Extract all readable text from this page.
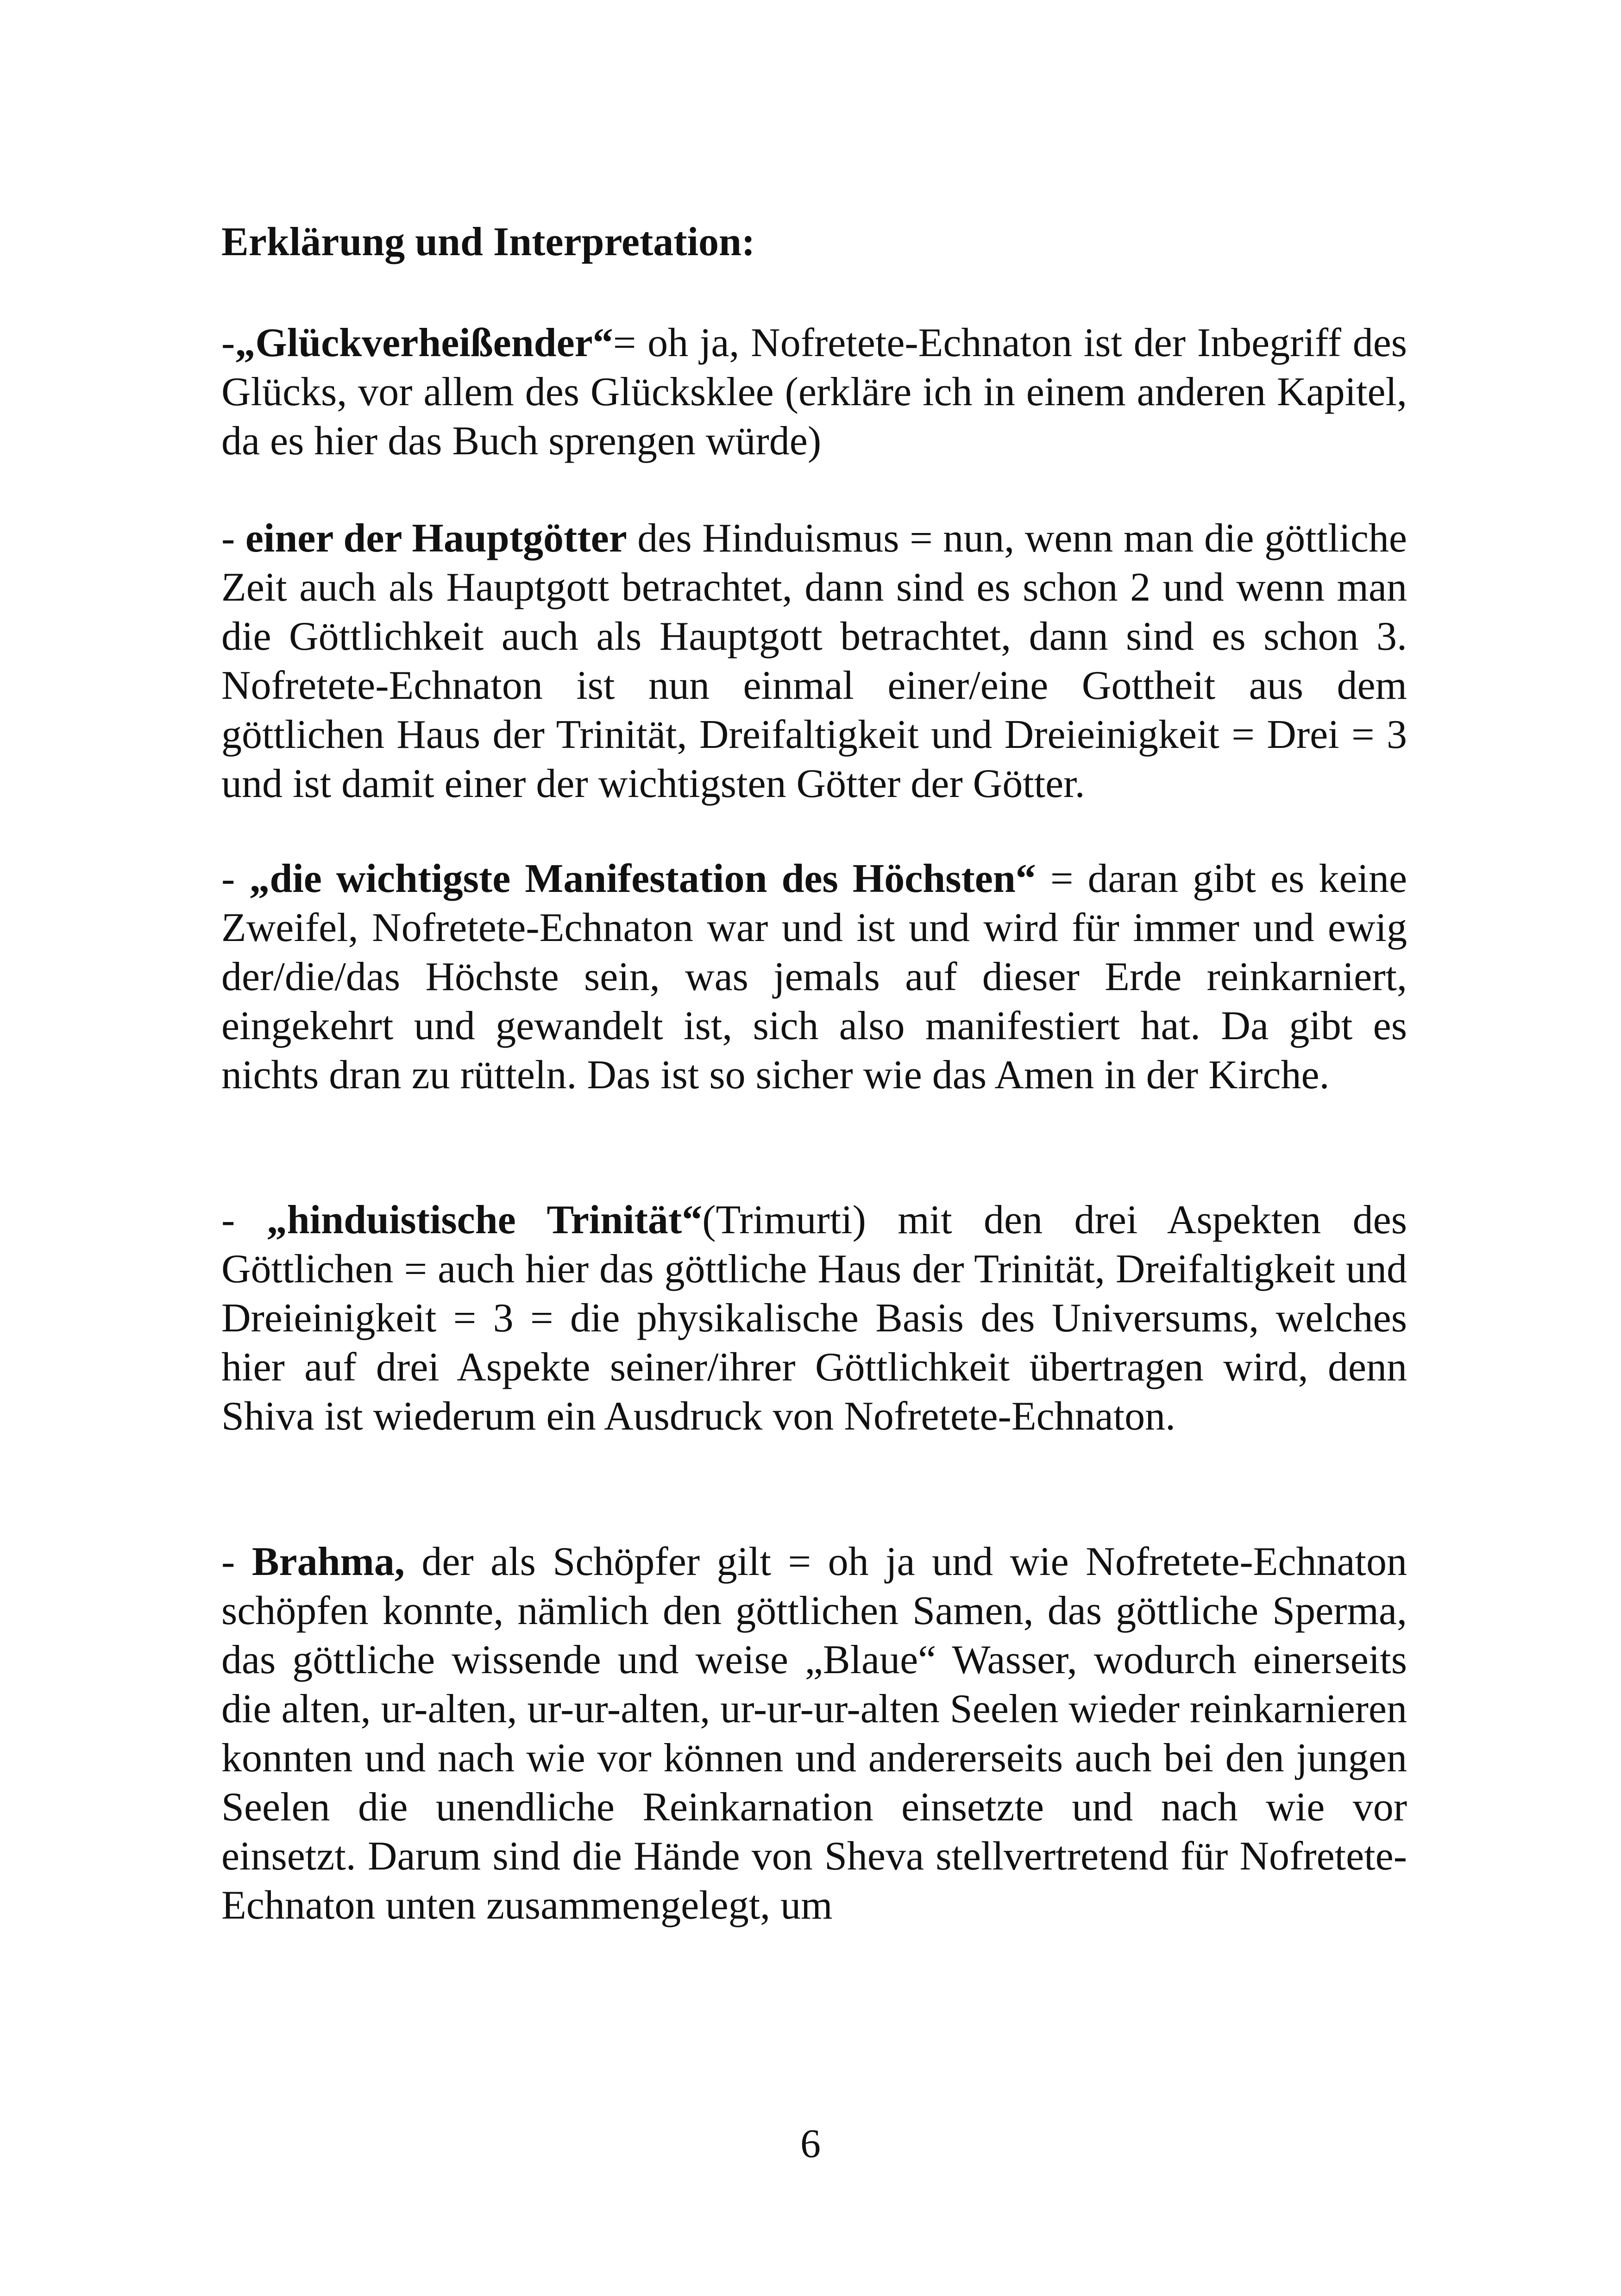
Erklärung und Interpretation:

-„Glückverheißender“= oh ja, Nofretete-Echnaton ist der Inbegriff des Glücks, vor allem des Glücksklee (erkläre ich in einem anderen Kapitel, da es hier das Buch sprengen würde)

- einer der Hauptgötter des Hinduismus = nun, wenn man die göttliche Zeit auch als Hauptgott betrachtet, dann sind es schon 2 und wenn man die Göttlichkeit auch als Hauptgott betrachtet, dann sind es schon 3. Nofretete-Echnaton ist nun einmal einer/eine Gottheit aus dem göttlichen Haus der Trinität, Dreifaltigkeit und Dreieinigkeit = Drei = 3 und ist damit einer der wichtigsten Götter der Götter.

- „die wichtigste Manifestation des Höchsten“ = daran gibt es keine Zweifel, Nofretete-Echnaton war und ist und wird für immer und ewig der/die/das Höchste sein, was jemals auf dieser Erde reinkarniert, eingekehrt und gewandelt ist, sich also manifestiert hat. Da gibt es nichts dran zu rütteln. Das ist so sicher wie das Amen in der Kirche.

- „hinduistische Trinität“(Trimurti) mit den drei Aspekten des Göttlichen = auch hier das göttliche Haus der Trinität, Dreifaltigkeit und Dreieinigkeit = 3 = die physikalische Basis des Universums, welches hier auf drei Aspekte seiner/ihrer Göttlichkeit übertragen wird, denn Shiva ist wiederum ein Ausdruck von Nofretete-Echnaton.

- Brahma, der als Schöpfer gilt = oh ja und wie Nofretete-Echnaton schöpfen konnte, nämlich den göttlichen Samen, das göttliche Sperma, das göttliche wissende und weise „Blaue“ Wasser, wodurch einerseits die alten, ur-alten, ur-ur-alten, ur-ur-ur-alten Seelen wieder reinkarnieren konnten und nach wie vor können und andererseits auch bei den jungen Seelen die unendliche Reinkarnation einsetzte und nach wie vor einsetzt. Darum sind die Hände von Sheva stellvertretend für Nofretete-Echnaton unten zusammengelegt, um

6
